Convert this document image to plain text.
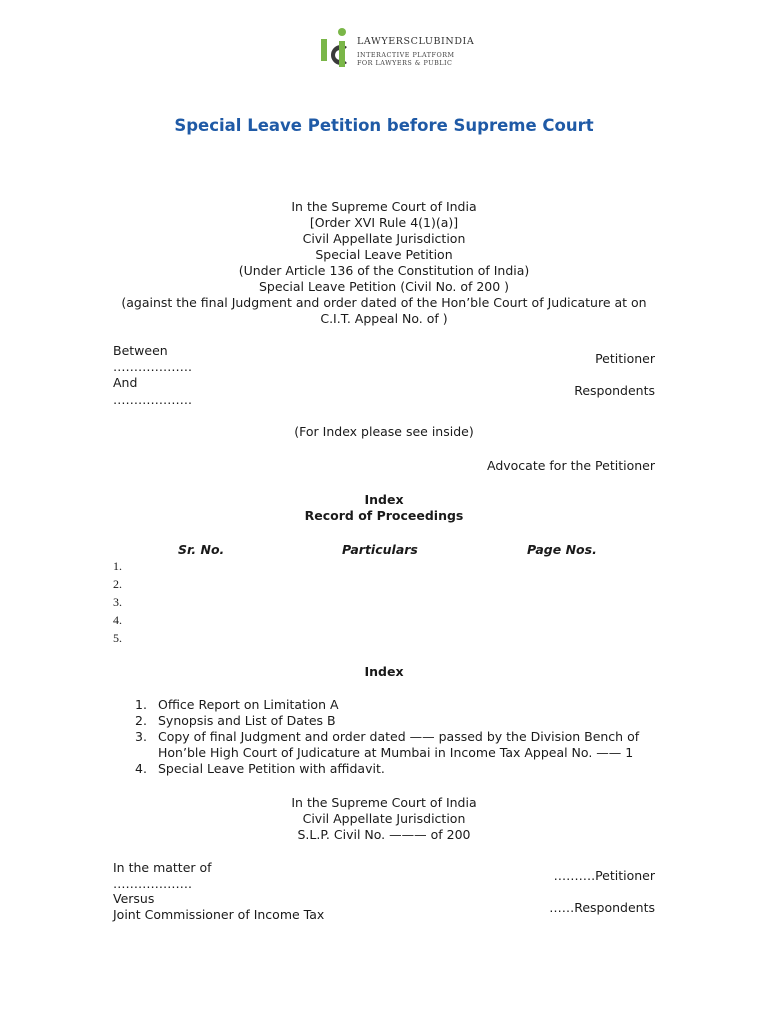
LAWYERSCLUBINDIA
INTERACTIVE PLATFORM
FOR LAWYERS & PUBLIC
Special Leave Petition before Supreme Court
In the Supreme Court of India
[Order XVI Rule 4(1)(a)]
Civil Appellate Jurisdiction
Special Leave Petition
(Under Article 136 of the Constitution of India)
Special Leave Petition (Civil No. of 200 )
(against the final Judgment and order dated of the Hon’ble Court of Judicature at on
C.I.T. Appeal No. of )
Between
……………….
Petitioner
And
……………….
Respondents
(For Index please see inside)
Advocate for the Petitioner
Index
Record of Proceedings
Sr. No.	Particulars	Page Nos.
1.
2.
3.
4.
5.
Index
1. Office Report on Limitation A
2. Synopsis and List of Dates B
3. Copy of final Judgment and order dated —— passed by the Division Bench of
Hon’ble High Court of Judicature at Mumbai in Income Tax Appeal No. —— 1
4. Special Leave Petition with affidavit.
In the Supreme Court of India
Civil Appellate Jurisdiction
S.L.P. Civil No. ——— of 200
In the matter of
……………….
……….Petitioner
Versus
Joint Commissioner of Income Tax	……Respondents
